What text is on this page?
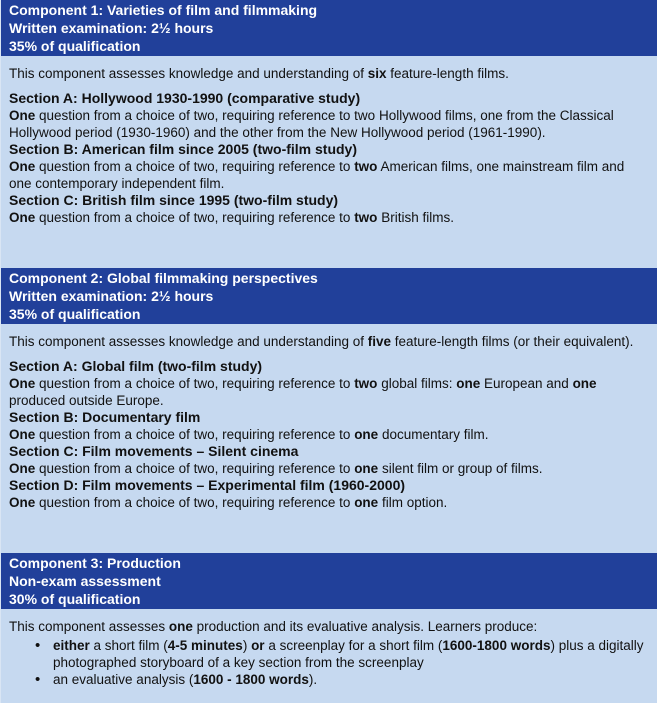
Component 1: Varieties of film and filmmaking
Written examination: 2½ hours
35% of qualification

This component assesses knowledge and understanding of six feature-length films.

Section A: Hollywood 1930-1990 (comparative study)

One question from a choice of two, requiring reference to two Hollywood films, one from the Classical Hollywood period (1930-1960) and the other from the New Hollywood period (1961-1990).

Section B: American film since 2005 (two-film study)

One question from a choice of two, requiring reference to two American films, one mainstream film and one contemporary independent film.

Section C: British film since 1995 (two-film study)

One question from a choice of two, requiring reference to two British films.

Component 2: Global filmmaking perspectives
Written examination: 2½ hours
35% of qualification

This component assesses knowledge and understanding of five feature-length films (or their equivalent).

Section A: Global film (two-film study)

One question from a choice of two, requiring reference to two global films: one European and one produced outside Europe.

Section B: Documentary film

One question from a choice of two, requiring reference to one documentary film.

Section C: Film movements – Silent cinema

One question from a choice of two, requiring reference to one silent film or group of films.

Section D: Film movements – Experimental film (1960-2000)

One question from a choice of two, requiring reference to one film option.

Component 3: Production
Non-exam assessment
30% of qualification

This component assesses one production and its evaluative analysis. Learners produce:

• either a short film (4-5 minutes) or a screenplay for a short film (1600-1800 words) plus a digitally photographed storyboard of a key section from the screenplay
• an evaluative analysis (1600 - 1800 words).
